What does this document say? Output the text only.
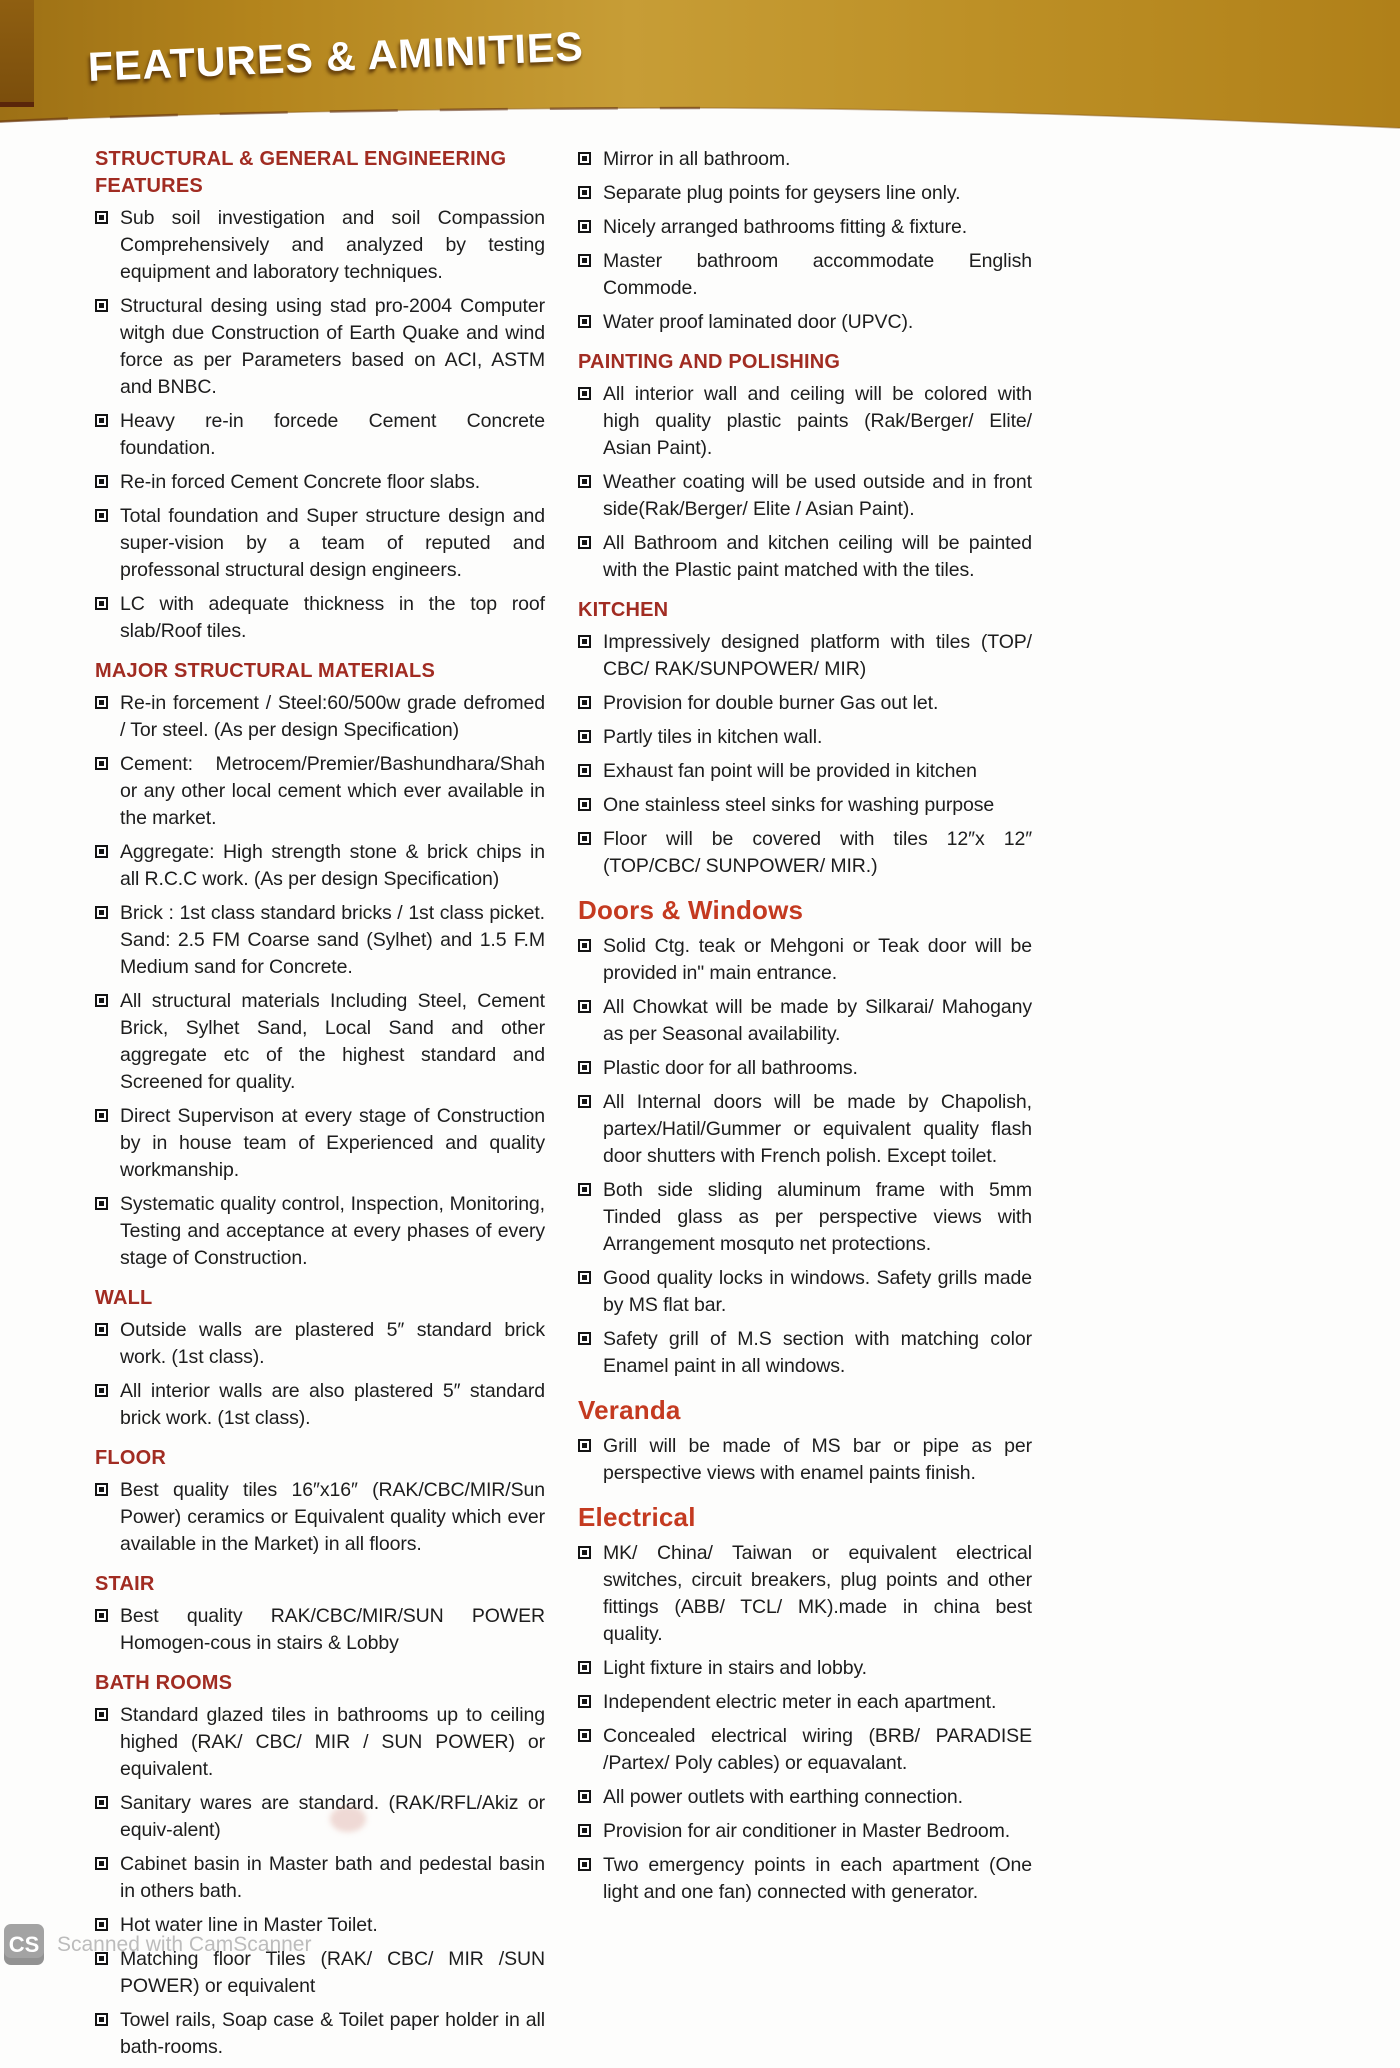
FEATURES & AMINITIES
STRUCTURAL & GENERAL ENGINEERING FEATURES
Sub soil investigation and soil Compassion Comprehensively and analyzed by testing equipment and laboratory techniques.
Structural desing using stad pro-2004 Computer witgh due Construction of Earth Quake and wind force as per Parameters based on ACI, ASTM and BNBC.
Heavy re-in forcede Cement Concrete foundation.
Re-in forced Cement Concrete floor slabs.
Total foundation and Super structure design and super-vision by a team of reputed and professonal structural design engineers.
LC with adequate thickness in the top roof slab/Roof tiles.
MAJOR STRUCTURAL MATERIALS
Re-in forcement / Steel:60/500w grade defromed / Tor steel. (As per design Specification)
Cement: Metrocem/Premier/Bashundhara/Shah or any other local cement which ever available in the market.
Aggregate: High strength stone & brick chips in all R.C.C work. (As per design Specification)
Brick : 1st class standard bricks / 1st class picket. Sand: 2.5 FM Coarse sand (Sylhet) and 1.5 F.M Medium sand for Concrete.
All structural materials Including Steel, Cement Brick, Sylhet Sand, Local Sand and other aggregate etc of the highest standard and Screened for quality.
Direct Supervison at every stage of Construction by in house team of Experienced and quality workmanship.
Systematic quality control, Inspection, Monitoring, Testing and acceptance at every phases of every stage of Construction.
WALL
Outside walls are plastered 5″ standard brick work. (1st class).
All interior walls are also plastered 5″ standard brick work. (1st class).
FLOOR
Best quality tiles 16″x16″ (RAK/CBC/MIR/Sun Power) ceramics or Equivalent quality which ever available in the Market) in all floors.
STAIR
Best quality RAK/CBC/MIR/SUN POWER Homogen-cous in stairs & Lobby
BATH ROOMS
Standard glazed tiles in bathrooms up to ceiling highed (RAK/ CBC/ MIR / SUN POWER) or equivalent.
Sanitary wares are standard. (RAK/RFL/Akiz or equiv-alent)
Cabinet basin in Master bath and pedestal basin in others bath.
Hot water line in Master Toilet.
Matching floor Tiles (RAK/ CBC/ MIR /SUN POWER) or equivalent
Towel rails, Soap case & Toilet paper holder in all bath-rooms.
Mirror in all bathroom.
Separate plug points for geysers line only.
Nicely arranged bathrooms fitting & fixture.
Master bathroom accommodate English Commode.
Water proof laminated door (UPVC).
PAINTING AND POLISHING
All interior wall and ceiling will be colored with high quality plastic paints (Rak/Berger/ Elite/ Asian Paint).
Weather coating will be used outside and in front side(Rak/Berger/ Elite / Asian Paint).
All Bathroom and kitchen ceiling will be painted with the Plastic paint matched with the tiles.
KITCHEN
Impressively designed platform with tiles (TOP/ CBC/ RAK/SUNPOWER/ MIR)
Provision for double burner Gas out let.
Partly tiles in kitchen wall.
Exhaust fan point will be provided in kitchen
One stainless steel sinks for washing purpose
Floor will be covered with tiles 12″x 12″ (TOP/CBC/ SUNPOWER/ MIR.)
Doors & Windows
Solid Ctg. teak or Mehgoni or Teak door will be provided in" main entrance.
All Chowkat will be made by Silkarai/ Mahogany as per Seasonal availability.
Plastic door for all bathrooms.
All Internal doors will be made by Chapolish, partex/Hatil/Gummer or equivalent quality flash door shutters with French polish. Except toilet.
Both side sliding aluminum frame with 5mm Tinded glass as per perspective views with Arrangement mosquto net protections.
Good quality locks in windows. Safety grills made by MS flat bar.
Safety grill of M.S section with matching color Enamel paint in all windows.
Veranda
Grill will be made of MS bar or pipe as per perspective views with enamel paints finish.
Electrical
MK/ China/ Taiwan or equivalent electrical switches, circuit breakers, plug points and other fittings (ABB/ TCL/ MK).made in china best quality.
Light fixture in stairs and lobby.
Independent electric meter in each apartment.
Concealed electrical wiring (BRB/ PARADISE /Partex/ Poly cables) or equavalant.
All power outlets with earthing connection.
Provision for air conditioner in Master Bedroom.
Two emergency points in each apartment (One light and one fan) connected with generator.
CS Scanned with CamScanner
